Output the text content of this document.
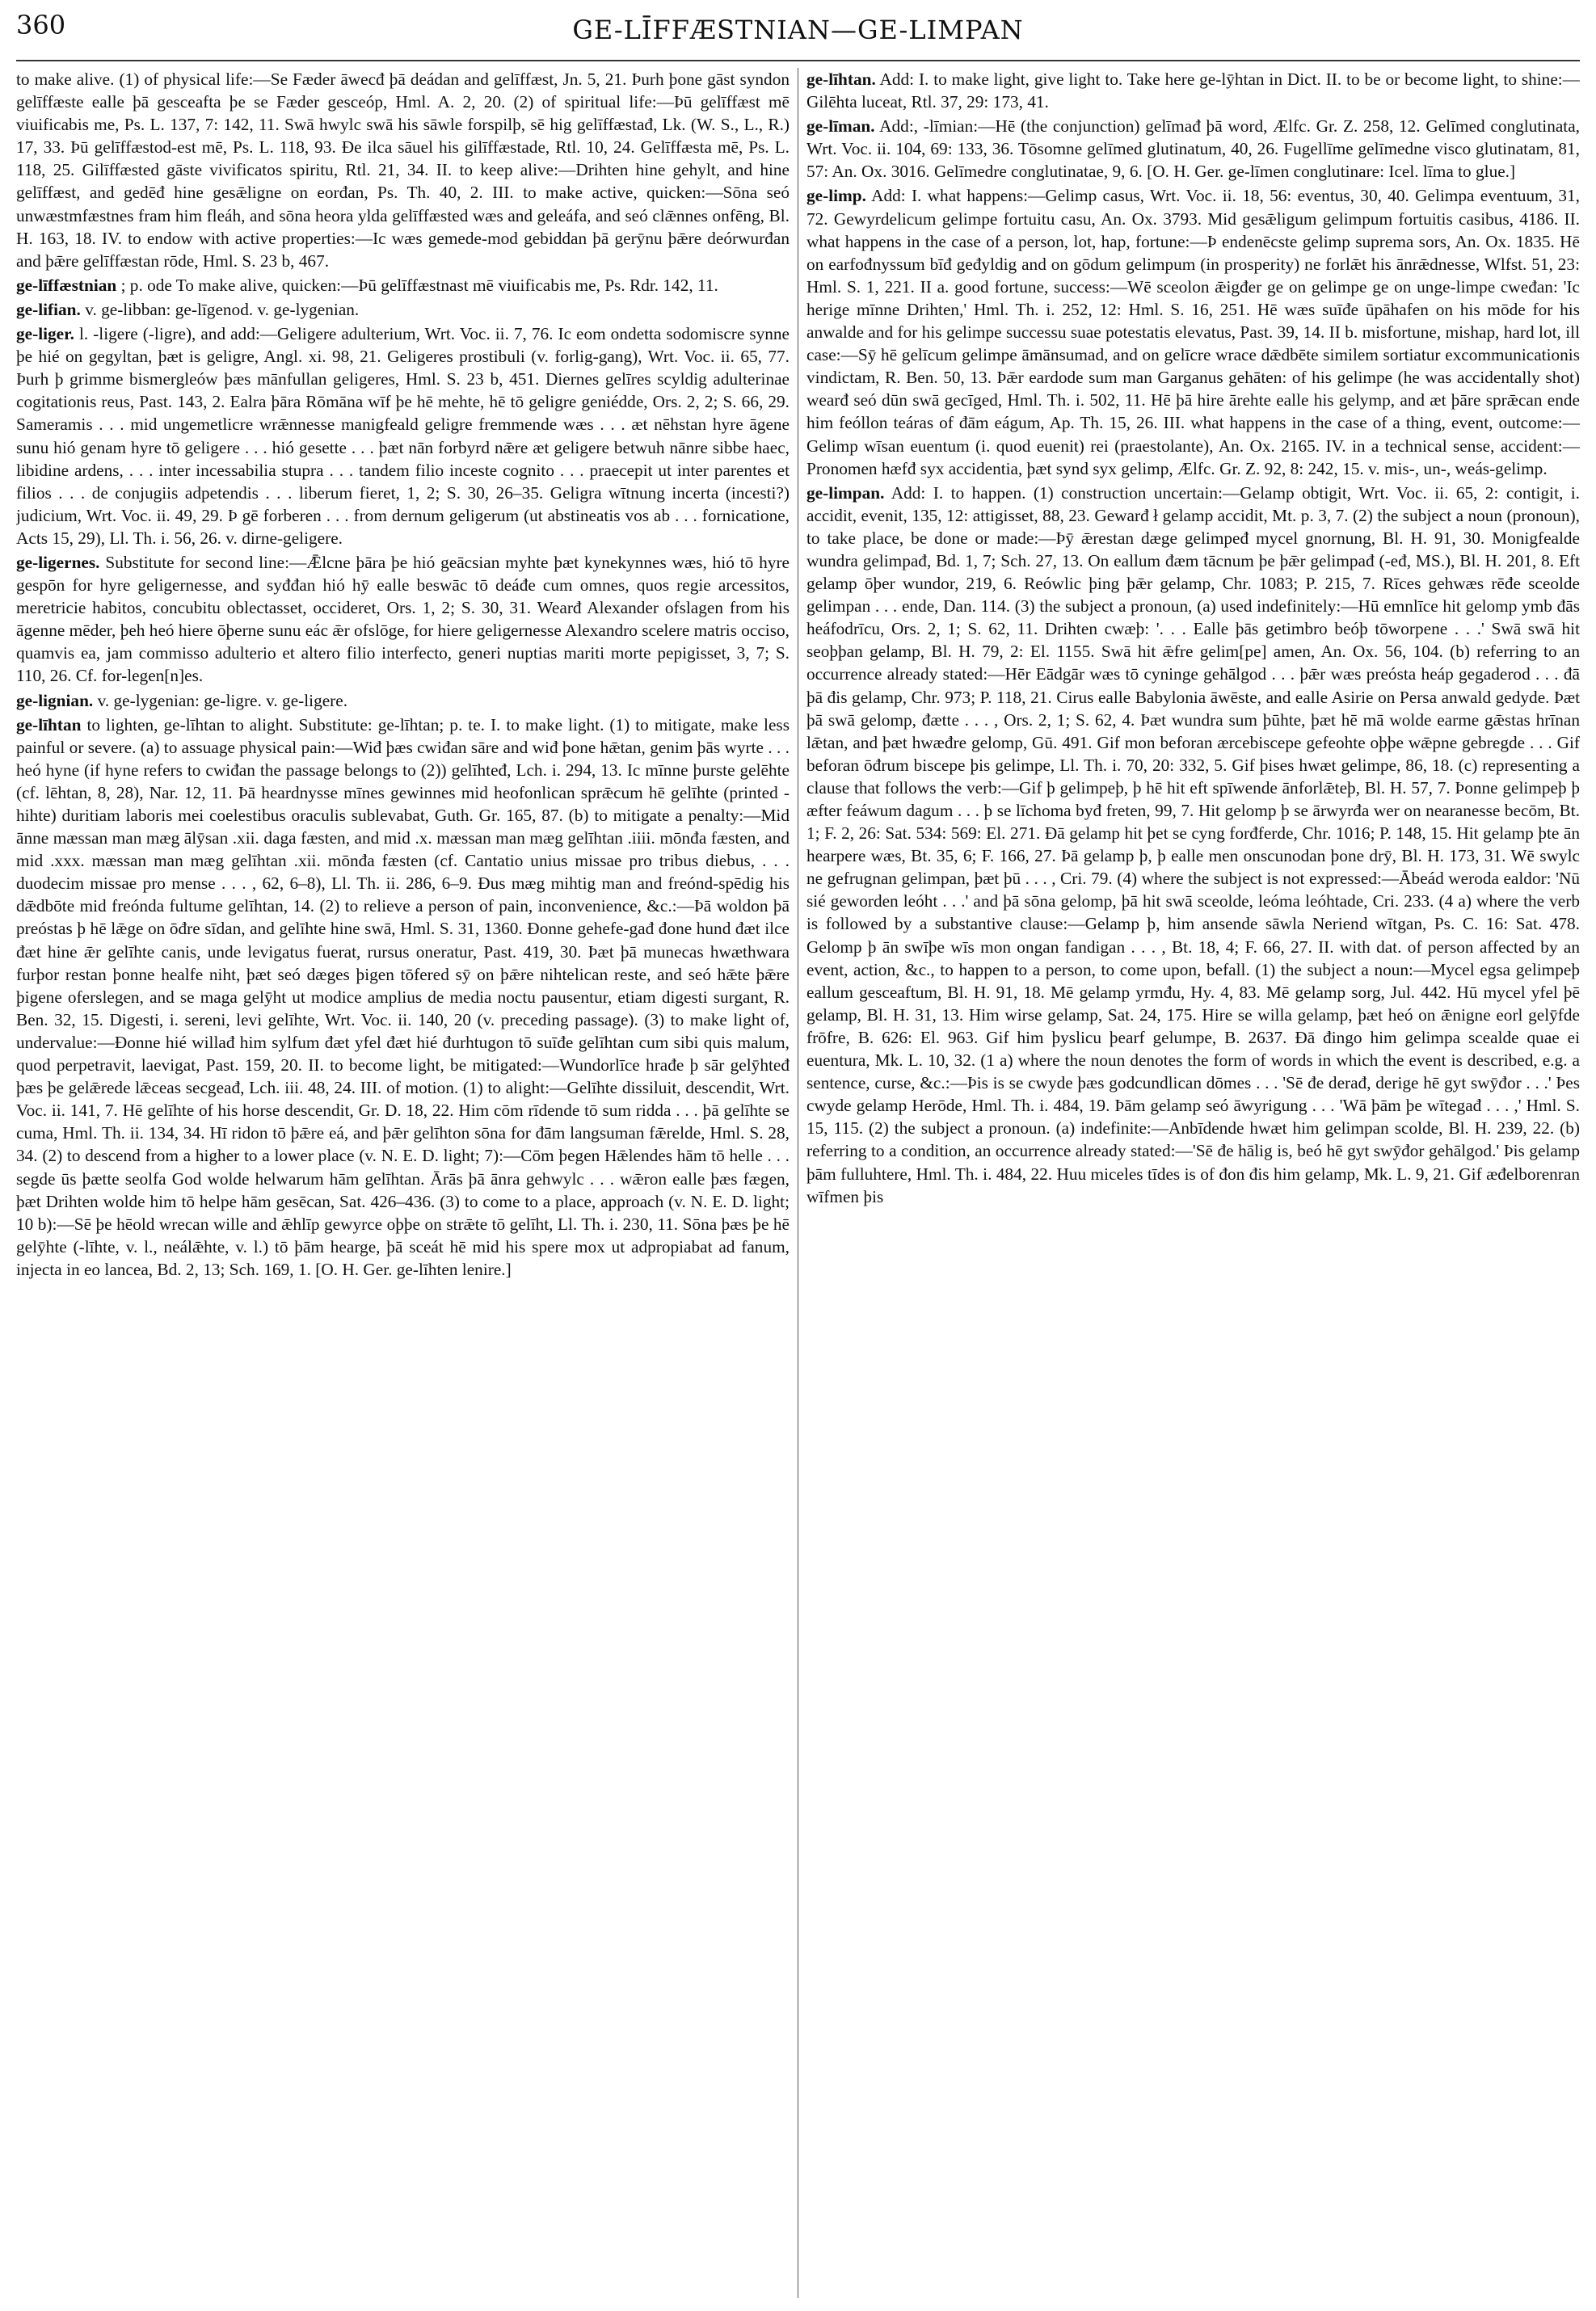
360	GE-LĪFFÆSTNIAN—GE-LIMPAN

to make alive. (1) of physical life:—Se Fæder āwecđ þā deádan and gelīffæst, Jn. 5, 21. Þurh þone gāst syndon gelīffæste ealle þā gesceafta þe se Fæder gesceóp, Hml. A. 2, 20. (2) of spiritual life:—Þū gelīffæst mē viuificabis me, Ps. L. 137, 7: 142, 11. Swā hwylc swā his sāwle forspilþ, sē hig gelīffæstađ, Lk. (W. S., L., R.) 17, 33. Þū gelīffæstod-est mē, Ps. L. 118, 93. Đe ilca sāuel his gilīffæstade, Rtl. 10, 24. Gelīffæsta mē, Ps. L. 118, 25. Gilīffæsted gāste vivificatos spiritu, Rtl. 21, 34. II. to keep alive:—Drihten hine gehylt, and hine gelīffæst, and gedēđ hine gesǣligne on eorđan, Ps. Th. 40, 2. III. to make active, quicken:—Sōna seó unwæstmfæstnes fram him fleáh, and sōna heora ylda gelīffæsted wæs and geleáfa, and seó clǣnnes onfēng, Bl. H. 163, 18. IV. to endow with active properties:—Ic wæs gemede-mod gebiddan þā gerȳnu þǣre deórwurđan and þǣre gelīffæstan rōde, Hml. S. 23 b, 467.

ge-līffæstnian ; p. ode To make alive, quicken:—Þū gelīffæstnast mē viuificabis me, Ps. Rdr. 142, 11.

ge-lifian. v. ge-libban: ge-līgenod. v. ge-lygenian.

ge-liger. l. -ligere (-ligre), and add:—Geligere adulterium, Wrt. Voc. ii. 7, 76. Ic eom ondetta sodomiscre synne þe hié on gegyltan, þæt is geligre, Angl. xi. 98, 21. Geligeres prostibuli (v. forlig-gang), Wrt. Voc. ii. 65, 77. Þurh þ grimme bismergleów þæs mānfullan geligeres, Hml. S. 23 b, 451. Diernes gelīres scyldig adulterinae cogitationis reus, Past. 143, 2. Ealra þāra Rōmāna wīf þe hē mehte, hē tō geligre geniédde, Ors. 2, 2; S. 66, 29. Sameramis . . . mid ungemetlicre wrǣnnesse manigfeald geligre fremmende wæs . . . æt nēhstan hyre āgene sunu hió genam hyre tō geligere . . . hió gesette . . . þæt nān forbyrd nǣre æt geligere betwuh nānre sibbe haec, libidine ardens, . . . inter incessabilia stupra . . . tandem filio inceste cognito . . . praecepit ut inter parentes et filios . . . de conjugiis adpetendis . . . liberum fieret, 1, 2; S. 30, 26–35. Geligra wītnung incerta (incesti?) judicium, Wrt. Voc. ii. 49, 29. Þ gē forberen . . . from dernum geligerum (ut abstineatis vos ab . . . fornicatione, Acts 15, 29), Ll. Th. i. 56, 26. v. dirne-geligere.

ge-ligernes. Substitute for second line:—Ǣlcne þāra þe hió geācsian myhte þæt kynekynnes wæs, hió tō hyre gespōn for hyre geligernesse, and syđđan hió hȳ ealle beswāc tō deáđe cum omnes, quos regie arcessitos, meretricie habitos, concubitu oblectasset, occideret, Ors. 1, 2; S. 30, 31. Wearđ Alexander ofslagen from his āgenne mēder, þeh heó hiere ōþerne sunu eác ǣr ofslōge, for hiere geligernesse Alexandro scelere matris occiso, quamvis ea, jam commisso adulterio et altero filio interfecto, generi nuptias mariti morte pepigisset, 3, 7; S. 110, 26. Cf. for-legen[n]es.

ge-lignian. v. ge-lygenian: ge-ligre. v. ge-ligere.

ge-līhtan to lighten, ge-līhtan to alight. Substitute: ge-līhtan; p. te. I. to make light. (1) to mitigate, make less painful or severe. (a) to assuage physical pain:—Wiđ þæs cwiđan sāre and wiđ þone hǣtan, genim þās wyrte . . . heó hyne (if hyne refers to cwiđan the passage belongs to (2)) gelīhteđ, Lch. i. 294, 13. Ic mīnne þurste gelēhte (cf. lēhtan, 8, 28), Nar. 12, 11. Þā heardnysse mīnes gewinnes mid heofonlican sprǣcum hē gelīhte (printed -hihte) duritiam laboris mei coelestibus oraculis sublevabat, Guth. Gr. 165, 87. (b) to mitigate a penalty:—Mid ānne mæssan man mæg ālȳsan .xii. daga fæsten, and mid .x. mæssan man mæg gelīhtan .iiii. mōnđa fæsten, and mid .xxx. mæssan man mæg gelīhtan .xii. mōnđa fæsten (cf. Cantatio unius missae pro tribus diebus, . . . duodecim missae pro mense . . . , 62, 6–8), Ll. Th. ii. 286, 6–9. Đus mæg mihtig man and freónd-spēdig his dǣdbōte mid freónda fultume gelīhtan, 14. (2) to relieve a person of pain, inconvenience, &c.:—Þā woldon þā preóstas þ hē lǣge on ōđre sīdan, and gelīhte hine swā, Hml. S. 31, 1360. Đonne gehefe-gađ đone hund đæt ilce đæt hine ǣr gelīhte canis, unde levigatus fuerat, rursus oneratur, Past. 419, 30. Þæt þā munecas hwæthwara furþor restan þonne healfe niht, þæt seó dæges þigen tōfered sȳ on þǣre nihtelican reste, and seó hǣte þǣre þigene oferslegen, and se maga gelȳht ut modice amplius de media noctu pausentur, etiam digesti surgant, R. Ben. 32, 15. Digesti, i. sereni, levi gelīhte, Wrt. Voc. ii. 140, 20 (v. preceding passage). (3) to make light of, undervalue:—Đonne hié willađ him sylfum đæt yfel đæt hié đurhtugon tō suīđe gelīhtan cum sibi quis malum, quod perpetravit, laevigat, Past. 159, 20. II. to become light, be mitigated:—Wundorlīce hrađe þ sār gelȳhteđ þæs þe gelǣrede lǣceas secgeađ, Lch. iii. 48, 24. III. of motion. (1) to alight:—Gelīhte dissiluit, descendit, Wrt. Voc. ii. 141, 7. Hē gelīhte of his horse descendit, Gr. D. 18, 22. Him cōm rīdende tō sum ridda . . . þā gelīhte se cuma, Hml. Th. ii. 134, 34. Hī ridon tō þǣre eá, and þǣr gelīhton sōna for đām langsuman fǣrelde, Hml. S. 28, 34. (2) to descend from a higher to a lower place (v. N. E. D. light; 7):—Cōm þegen Hǣlendes hām tō helle . . . segde ūs þætte seolfa God wolde helwarum hām gelīhtan. Ārās þā ānra gehwylc . . . wǣron ealle þæs fægen, þæt Drihten wolde him tō helpe hām gesēcan, Sat. 426–436. (3) to come to a place, approach (v. N. E. D. light; 10 b):—Sē þe hēold wrecan wille and ǣhlīp gewyrce oþþe on strǣte tō gelīht, Ll. Th. i. 230, 11. Sōna þæs þe hē gelȳhte (-līhte, v. l., neálǣhte, v. l.) tō þām hearge, þā sceát hē mid his spere mox ut adpropiabat ad fanum, injecta in eo lancea, Bd. 2, 13; Sch. 169, 1. [O. H. Ger. ge-līhten lenire.]

ge-līhtan. Add: I. to make light, give light to. Take here ge-lȳhtan in Dict. II. to be or become light, to shine:—Gilēhta luceat, Rtl. 37, 29: 173, 41.

ge-līman. Add:, -līmian:—Hē (the conjunction) gelīmađ þā word, Ælfc. Gr. Z. 258, 12. Gelīmed conglutinata, Wrt. Voc. ii. 104, 69: 133, 36. Tōsomne gelīmed glutinatum, 40, 26. Fugellīme gelīmedne visco glutinatam, 81, 57: An. Ox. 3016. Gelīmedre conglutinatae, 9, 6. [O. H. Ger. ge-līmen conglutinare: Icel. līma to glue.]

ge-limp. Add: I. what happens:—Gelimp casus, Wrt. Voc. ii. 18, 56: eventus, 30, 40. Gelimpa eventuum, 31, 72. Gewyrdelicum gelimpe fortuitu casu, An. Ox. 3793. Mid gesǣligum gelimpum fortuitis casibus, 4186. II. what happens in the case of a person, lot, hap, fortune:—Þ endenēcste gelimp suprema sors, An. Ox. 1835. Hē on earfođnyssum bīđ geđyldig and on gōdum gelimpum (in prosperity) ne forlǣt his ānrǣdnesse, Wlfst. 51, 23: Hml. S. 1, 221. II a. good fortune, success:—Wē sceolon ǣigđer ge on gelimpe ge on unge-limpe cweđan: 'Ic herige mīnne Drihten,' Hml. Th. i. 252, 12: Hml. S. 16, 251. Hē wæs suīđe ūpāhafen on his mōde for his anwalde and for his gelimpe successu suae potestatis elevatus, Past. 39, 14. II b. misfortune, mishap, hard lot, ill case:—Sȳ hē gelīcum gelimpe āmānsumad, and on gelīcre wrace dǣdbēte similem sortiatur excommunicationis vindictam, R. Ben. 50, 13. Þǣr eardode sum man Garganus gehāten: of his gelimpe (he was accidentally shot) wearđ seó dūn swā gecīged, Hml. Th. i. 502, 11. Hē þā hire ārehte ealle his gelymp, and æt þāre sprǣcan ende him feóllon teáras of đām eágum, Ap. Th. 15, 26. III. what happens in the case of a thing, event, outcome:—Gelimp wīsan euentum (i. quod euenit) rei (praestolante), An. Ox. 2165. IV. in a technical sense, accident:—Pronomen hæfđ syx accidentia, þæt synd syx gelimp, Ælfc. Gr. Z. 92, 8: 242, 15. v. mis-, un-, weás-gelimp.

ge-limpan. Add: I. to happen. (1) construction uncertain:—Gelamp obtigit, Wrt. Voc. ii. 65, 2: contigit, i. accidit, evenit, 135, 12: attigisset, 88, 23. Gewarđ ł gelamp accidit, Mt. p. 3, 7. (2) the subject a noun (pronoun), to take place, be done or made:—Þȳ ǣrestan dæge gelimpeđ mycel gnornung, Bl. H. 91, 30. Monigfealde wundra gelimpađ, Bd. 1, 7; Sch. 27, 13. On eallum đæm tācnum þe þǣr gelimpađ (-eđ, MS.), Bl. H. 201, 8. Eft gelamp ōþer wundor, 219, 6. Reówlic þing þǣr gelamp, Chr. 1083; P. 215, 7. Rīces gehwæs rēđe sceolde gelimpan . . . ende, Dan. 114. (3) the subject a pronoun, (a) used indefinitely:—Hū emnlīce hit gelomp ymb đās heáfodrīcu, Ors. 2, 1; S. 62, 11. Drihten cwæþ: '. . . Ealle þās getimbro beóþ tōworpene . . .' Swā swā hit seoþþan gelamp, Bl. H. 79, 2: El. 1155. Swā hit ǣfre gelim[pe] amen, An. Ox. 56, 104. (b) referring to an occurrence already stated:—Hēr Eādgār wæs tō cyninge gehālgod . . . þǣr wæs preósta heáp gegaderod . . . đā þā đis gelamp, Chr. 973; P. 118, 21. Cirus ealle Babylonia āwēste, and ealle Asirie on Persa anwald gedyde. Þæt þā swā gelomp, đætte . . . , Ors. 2, 1; S. 62, 4. Þæt wundra sum þūhte, þæt hē mā wolde earme gǣstas hrīnan lǣtan, and þæt hwæđre gelomp, Gū. 491. Gif mon beforan ærcebiscepe gefeohte oþþe wǣpne gebregde . . . Gif beforan ōđrum biscepe þis gelimpe, Ll. Th. i. 70, 20: 332, 5. Gif þises hwæt gelimpe, 86, 18. (c) representing a clause that follows the verb:—Gif þ gelimpeþ, þ hē hit eft spīwende ānforlǣteþ, Bl. H. 57, 7. Þonne gelimpeþ þ æfter feáwum dagum . . . þ se līchoma byđ freten, 99, 7. Hit gelomp þ se ārwyrđa wer on nearanesse becōm, Bt. 1; F. 2, 26: Sat. 534: 569: El. 271. Đā gelamp hit þet se cyng forđferde, Chr. 1016; P. 148, 15. Hit gelamp þte ān hearpere wæs, Bt. 35, 6; F. 166, 27. Þā gelamp þ, þ ealle men onscunodan þone drȳ, Bl. H. 173, 31. Wē swylc ne gefrugnan gelimpan, þæt þū . . . , Cri. 79. (4) where the subject is not expressed:—Ābeád weroda ealdor: 'Nū sié geworden leóht . . .' and þā sōna gelomp, þā hit swā sceolde, leóma leóhtade, Cri. 233. (4 a) where the verb is followed by a substantive clause:—Gelamp þ, him ansende sāwla Neriend wītgan, Ps. C. 16: Sat. 478. Gelomp þ ān swīþe wīs mon ongan fandigan . . . , Bt. 18, 4; F. 66, 27. II. with dat. of person affected by an event, action, &c., to happen to a person, to come upon, befall. (1) the subject a noun:—Mycel egsa gelimpeþ eallum gesceaftum, Bl. H. 91, 18. Mē gelamp yrmđu, Hy. 4, 83. Mē gelamp sorg, Jul. 442. Hū mycel yfel þē gelamp, Bl. H. 31, 13. Him wirse gelamp, Sat. 24, 175. Hire se willa gelamp, þæt heó on ǣnigne eorl gelȳfde frōfre, B. 626: El. 963. Gif him þyslicu þearf gelumpe, B. 2637. Đā đingo him gelimpa scealde quae ei euentura, Mk. L. 10, 32. (1 a) where the noun denotes the form of words in which the event is described, e.g. a sentence, curse, &c.:—Þis is se cwyde þæs godcundlican dōmes . . . 'Sē đe derađ, derige hē gyt swȳđor . . .' Þes cwyde gelamp Herōde, Hml. Th. i. 484, 19. Þām gelamp seó āwyrigung . . . 'Wā þām þe wītegađ . . . ,' Hml. S. 15, 115. (2) the subject a pronoun. (a) indefinite:—Anbīdende hwæt him gelimpan scolde, Bl. H. 239, 22. (b) referring to a condition, an occurrence already stated:—'Sē đe hālig is, beó hē gyt swȳđor gehālgod.' Þis gelamp þām fulluhtere, Hml. Th. i. 484, 22. Huu miceles tīdes is of đon đis him gelamp, Mk. L. 9, 21. Gif æđelborenran wīfmen þis
